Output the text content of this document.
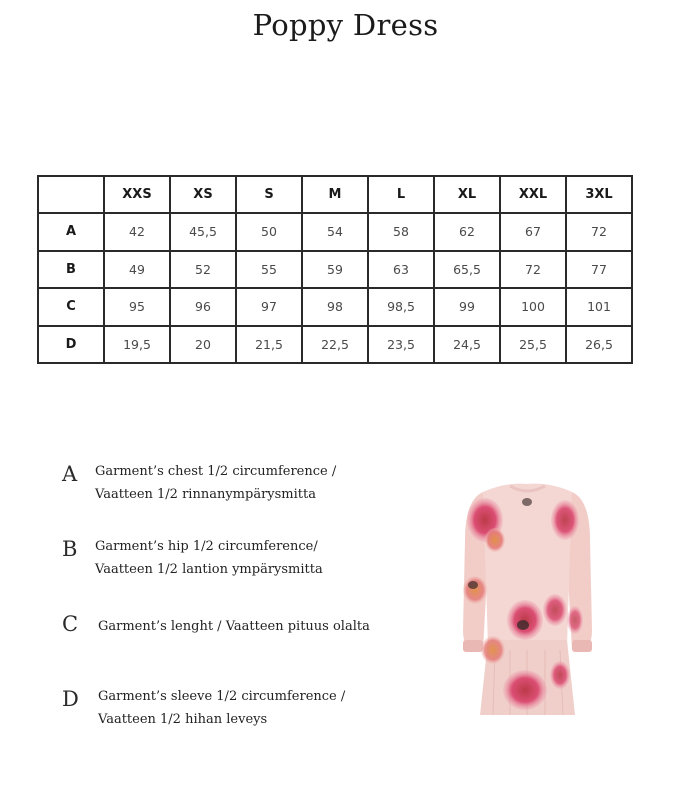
Poppy Dress
	XXS	XS	S	M	L	XL	XXL	3XL
A	42	45,5	50	54	58	62	67	72
B	49	52	55	59	63	65,5	72	77
C	95	96	97	98	98,5	99	100	101
D	19,5	20	21,5	22,5	23,5	24,5	25,5	26,5
A Garment’s chest 1/2 circumference /
Vaatteen 1/2 rinnanympärysmitta
B Garment’s hip 1/2 circumference/
Vaatteen 1/2 lantion ympärysmitta
C Garment’s lenght / Vaatteen pituus olalta
D Garment’s sleeve 1/2 circumference /
Vaatteen 1/2 hihan leveys
